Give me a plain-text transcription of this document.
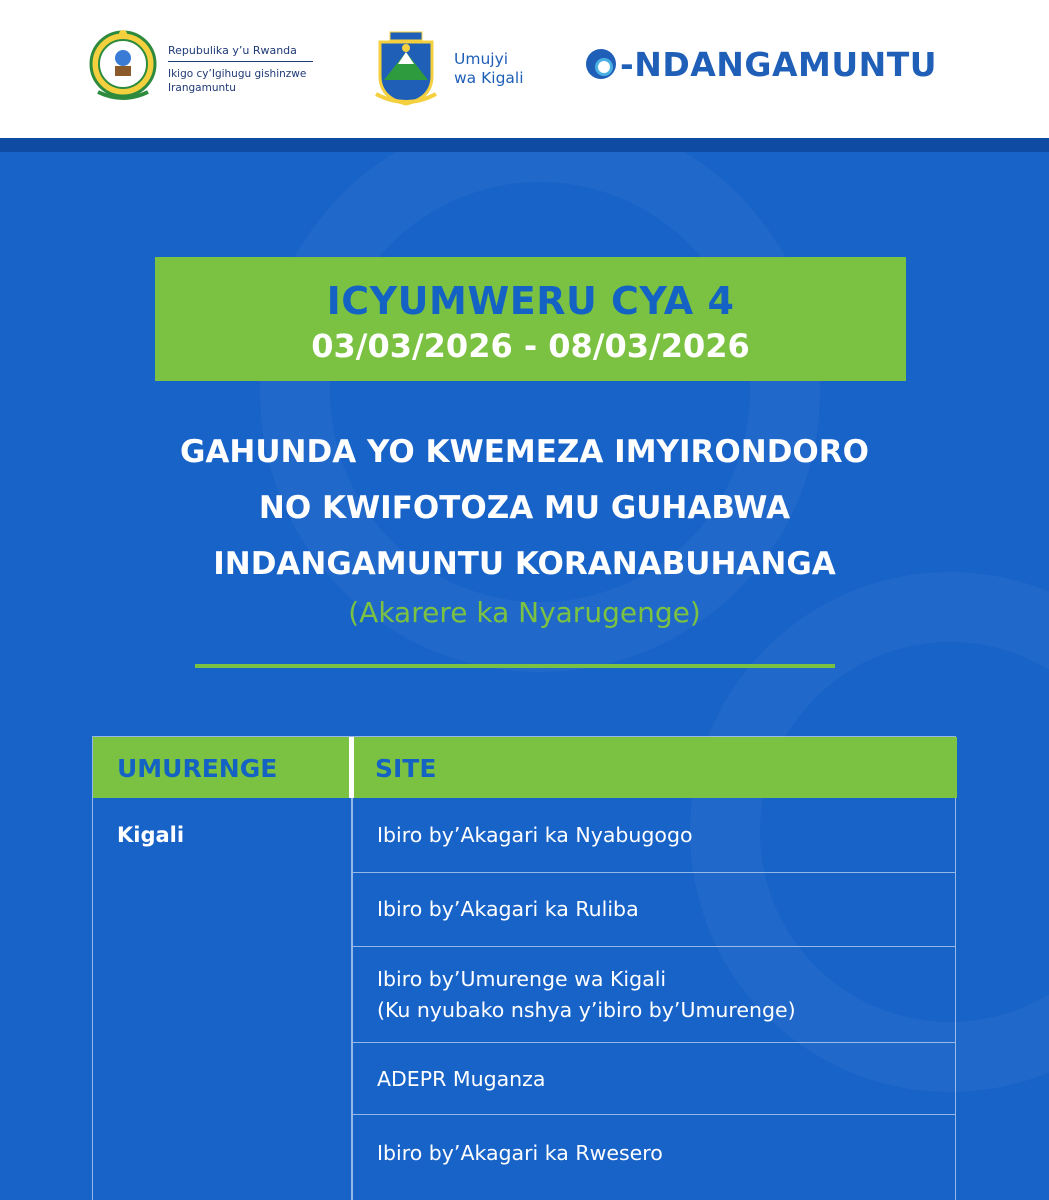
Repubulika y’u Rwanda
Ikigo cy’Igihugu gishinzwe
Irangamuntu
Umujyi
wa Kigali	-NDANGAMUNTU
ICYUMWERU CYA 4
03/03/2026 - 08/03/2026
GAHUNDA YO KWEMEZA IMYIRONDORO
NO KWIFOTOZA MU GUHABWA
INDANGAMUNTU KORANABUHANGA
(Akarere ka Nyarugenge)
UMURENGE	SITE
Kigali	Ibiro by’Akagari ka Nyabugogo
Ibiro by’Akagari ka Ruliba
Ibiro by’Umurenge wa Kigali
(Ku nyubako nshya y’ibiro by’Umurenge)
ADEPR Muganza
Ibiro by’Akagari ka Rwesero
